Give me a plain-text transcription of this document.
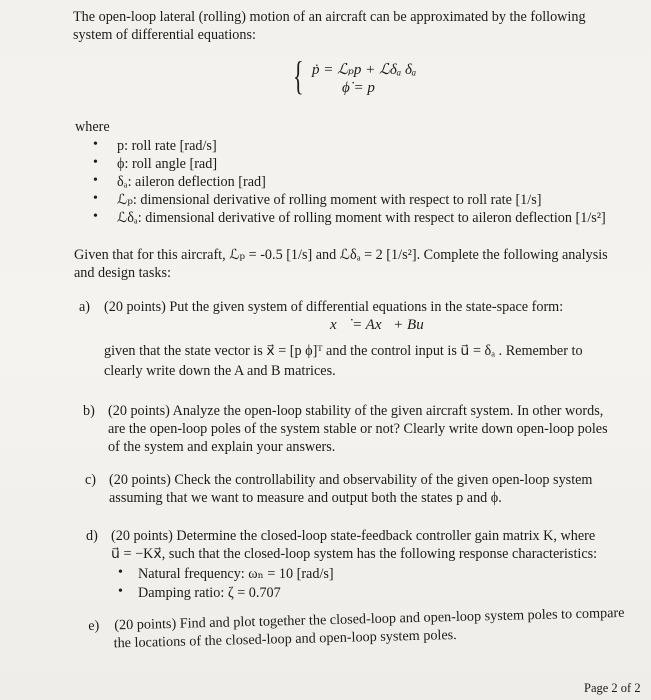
The open-loop lateral (rolling) motion of an aircraft can be approximated by the following
system of differential equations:
{ ṗ = ℒₚp + ℒδₐ δₐ
ϕ̇ = p
where
• p: roll rate [rad/s]
• ϕ: roll angle [rad]
• δₐ: aileron deflection [rad]
• ℒₚ: dimensional derivative of rolling moment with respect to roll rate [1/s]
• ℒδₐ: dimensional derivative of rolling moment with respect to aileron deflection [1/s²]
Given that for this aircraft, ℒₚ = -0.5 [1/s] and ℒδₐ = 2 [1/s²]. Complete the following analysis
and design tasks:
a) (20 points) Put the given system of differential equations in the state-space form:
x⃗̇ = Ax⃗+ Bu⃗
given that the state vector is x⃗ = [p ϕ]ᵀ and the control input is u⃗ = δₐ . Remember to
clearly write down the A and B matrices.
b) (20 points) Analyze the open-loop stability of the given aircraft system. In other words,
are the open-loop poles of the system stable or not? Clearly write down open-loop poles
of the system and explain your answers.
c) (20 points) Check the controllability and observability of the given open-loop system
assuming that we want to measure and output both the states p and ϕ.
d) (20 points) Determine the closed-loop state-feedback controller gain matrix K, where
u⃗ = −Kx⃗, such that the closed-loop system has the following response characteristics:
• Natural frequency: ωₙ = 10 [rad/s]
• Damping ratio: ζ = 0.707
e) (20 points) Find and plot together the closed-loop and open-loop system poles to compare
the locations of the closed-loop and open-loop system poles.
Page 2 of 2
